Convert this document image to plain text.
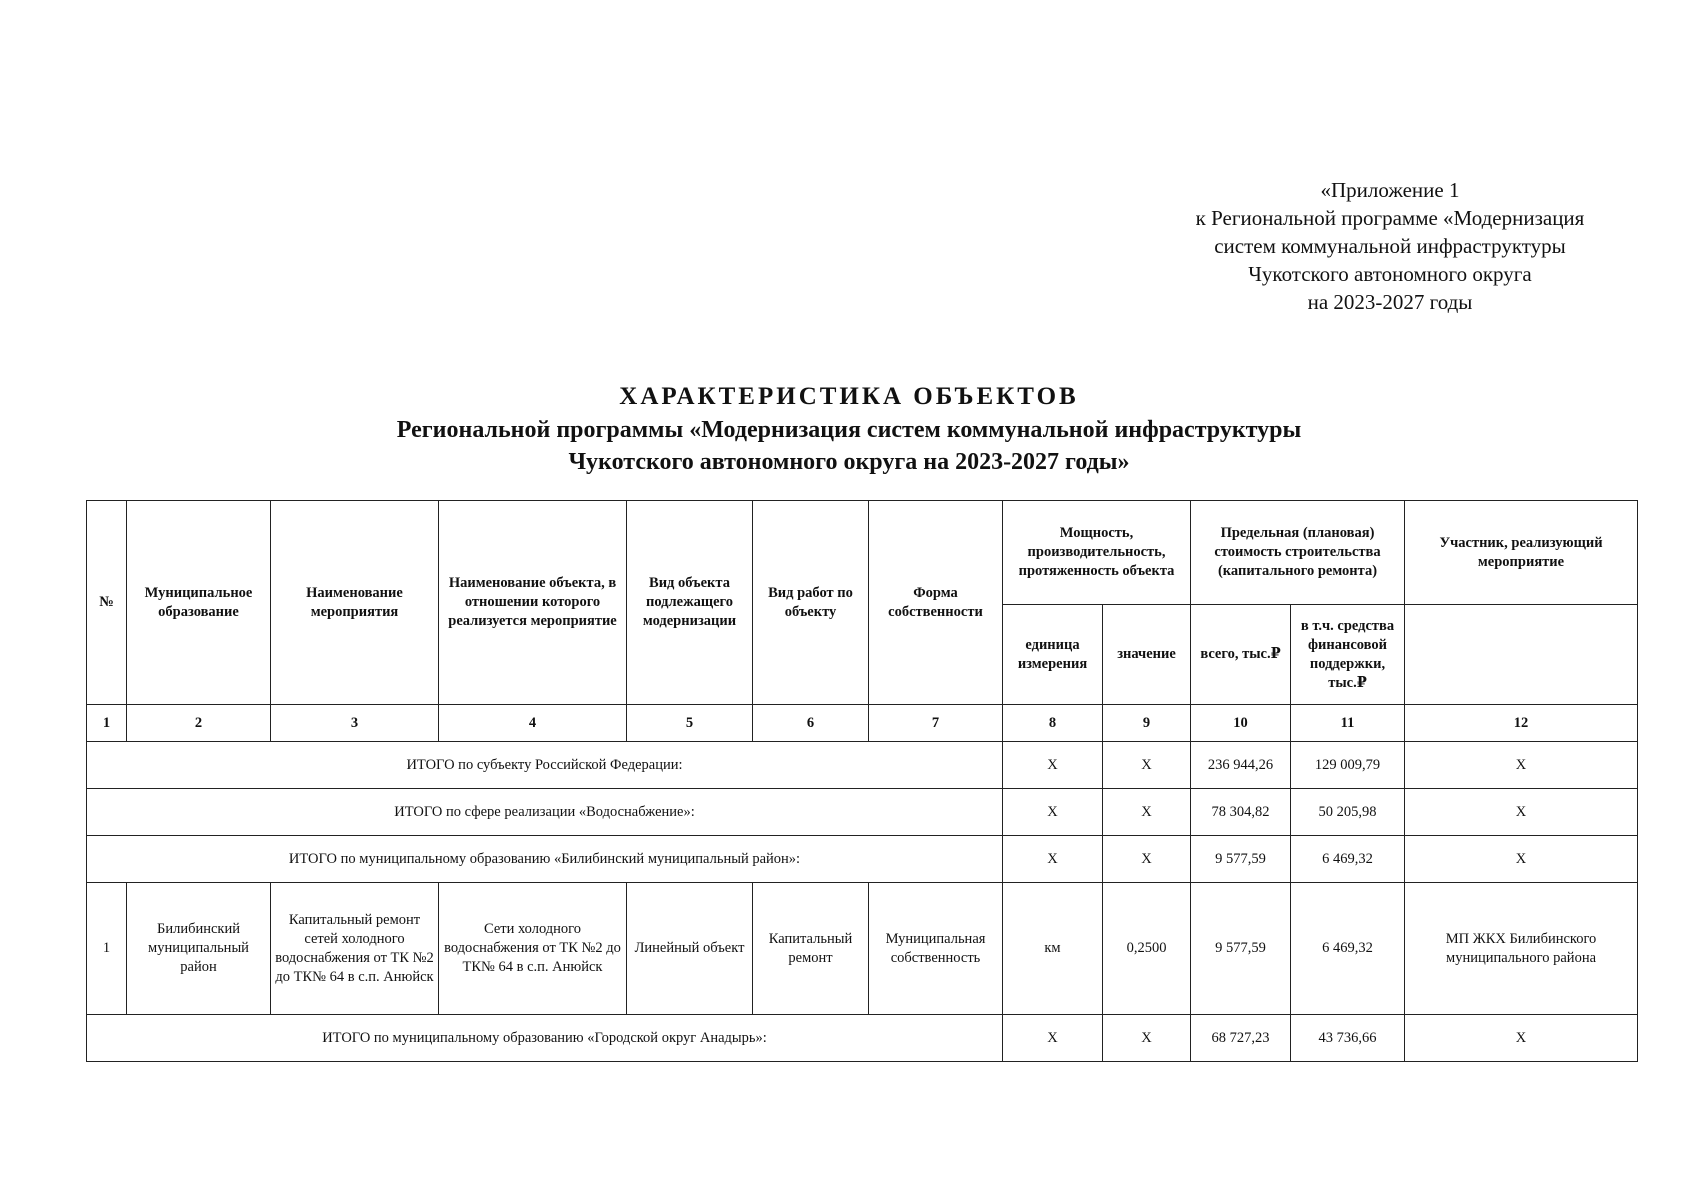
«Приложение 1
к Региональной программе «Модернизация
систем коммунальной инфраструктуры
Чукотского автономного округа
на 2023-2027 годы
ХАРАКТЕРИСТИКА ОБЪЕКТОВ
Региональной программы «Модернизация систем коммунальной инфраструктуры
Чукотского автономного округа на 2023-2027 годы»
№	Муниципальное образование	Наименование мероприятия	Наименование объекта, в отношении которого реализуется мероприятие	Вид объекта подлежащего модернизации	Вид работ по объекту	Форма собственности	Мощность, производительность, протяженность объекта		Предельная (плановая) стоимость строительства (капитального ремонта)		Участник, реализующий мероприятие
							единица измерения	значение	всего, тыс.₽	в т.ч. средства финансовой поддержки, тыс.₽	
1	2	3	4	5	6	7	8	9	10	11	12
ИТОГО по субъекту Российской Федерации:							Х	Х	236 944,26	129 009,79	Х
ИТОГО по сфере реализации «Водоснабжение»:							Х	Х	78 304,82	50 205,98	Х
ИТОГО по муниципальному образованию «Билибинский муниципальный район»:							Х	Х	9 577,59	6 469,32	Х
1	Билибинский муниципальный район	Капитальный ремонт сетей холодного водоснабжения от ТК №2 до ТК№ 64 в с.п. Анюйск	Сети холодного водоснабжения от ТК №2 до ТК№ 64 в с.п. Анюйск	Линейный объект	Капитальный ремонт	Муниципальная собственность	км	0,2500	9 577,59	6 469,32	МП ЖКХ Билибинского муниципального района
ИТОГО по муниципальному образованию «Городской округ Анадырь»:							Х	Х	68 727,23	43 736,66	Х
